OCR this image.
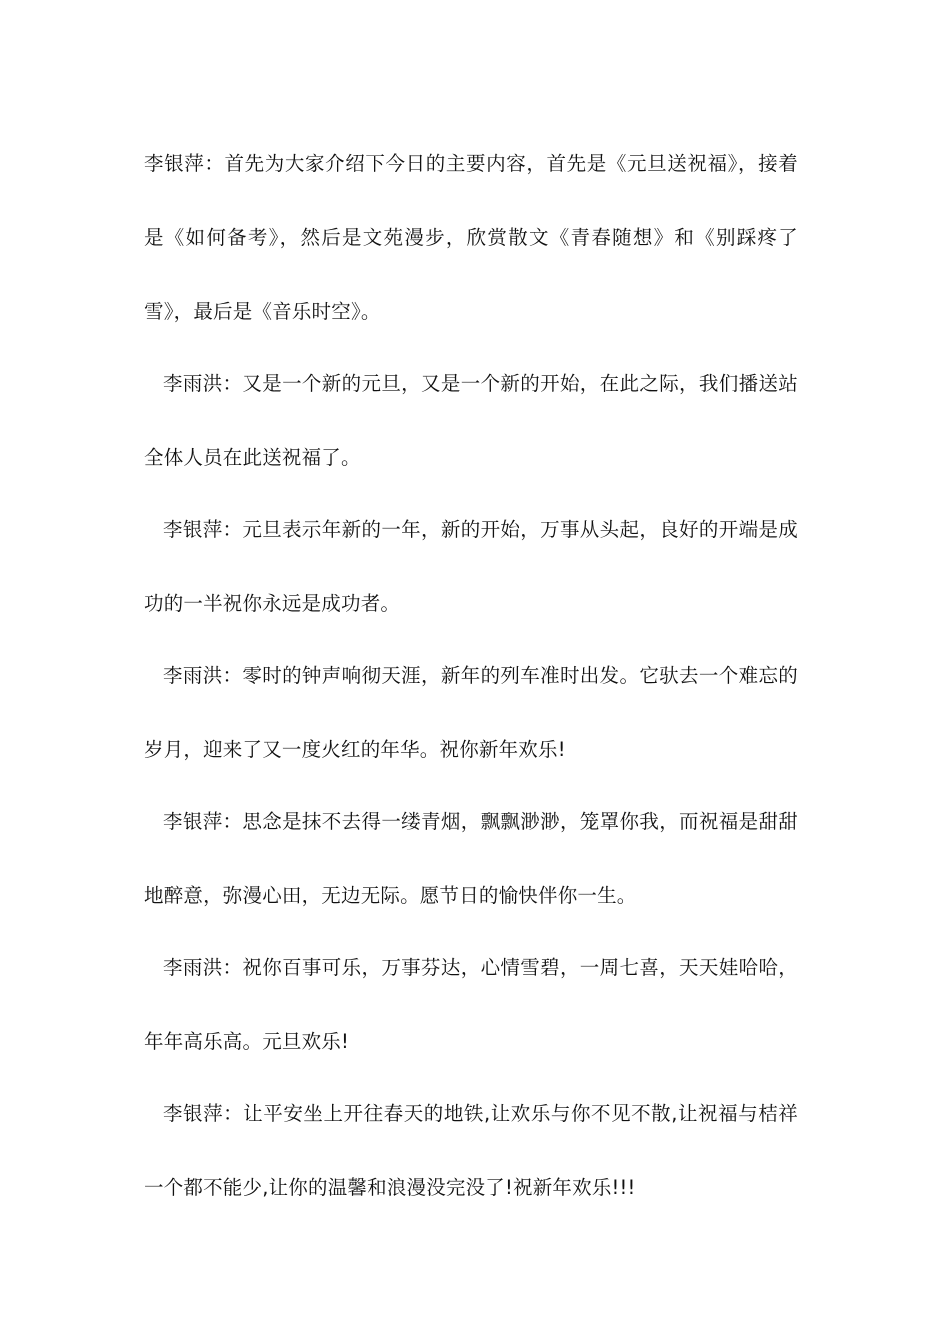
李银萍：首先为大家介绍下今日的主要内容，首先是《元旦送祝福》，接着是《如何备考》，然后是文苑漫步，欣赏散文《青春随想》和《别踩疼了雪》，最后是《音乐时空》。

李雨洪：又是一个新的元旦，又是一个新的开始，在此之际，我们播送站全体人员在此送祝福了。

李银萍：元旦表示年新的一年，新的开始，万事从头起，良好的开端是成功的一半祝你永远是成功者。

李雨洪：零时的钟声响彻天涯，新年的列车准时出发。它驮去一个难忘的岁月，迎来了又一度火红的年华。祝你新年欢乐!

李银萍：思念是抹不去得一缕青烟，飘飘渺渺，笼罩你我，而祝福是甜甜地醉意，弥漫心田，无边无际。愿节日的愉快伴你一生。

李雨洪：祝你百事可乐，万事芬达，心情雪碧，一周七喜，天天娃哈哈，年年高乐高。元旦欢乐!

李银萍：让平安坐上开往春天的地铁,让欢乐与你不见不散,让祝福与桔祥一个都不能少,让你的温馨和浪漫没完没了!祝新年欢乐!!!
